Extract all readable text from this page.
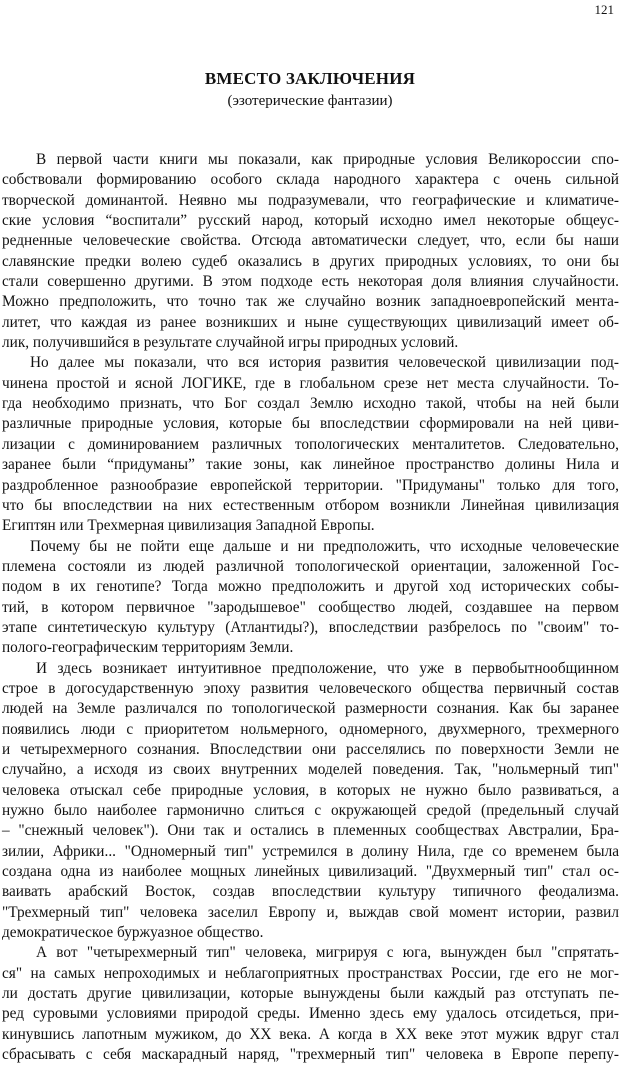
121
ВМЕСТО ЗАКЛЮЧЕНИЯ
(эзотерические фантазии)
В первой части книги мы показали, как природные условия Великороссии спо-
собствовали формированию особого склада народного характера с очень сильной
творческой доминантой. Неявно мы подразумевали, что географические и климатиче-
ские условия “воспитали” русский народ, который исходно имел некоторые общеус-
редненные человеческие свойства. Отсюда автоматически следует, что, если бы наши
славянские предки волею судеб оказались в других природных условиях, то они бы
стали совершенно другими. В этом подходе есть некоторая доля влияния случайности.
Можно предположить, что точно так же случайно возник западноевропейский мента-
литет, что каждая из ранее возникших и ныне существующих цивилизаций имеет об-
лик, получившийся в результате случайной игры природных условий.
Но далее мы показали, что вся история развития человеческой цивилизации под-
чинена простой и ясной ЛОГИКЕ, где в глобальном срезе нет места случайности. То-
гда необходимо признать, что Бог создал Землю исходно такой, чтобы на ней были
различные природные условия, которые бы впоследствии сформировали на ней циви-
лизации с доминированием различных топологических менталитетов. Следовательно,
заранее были “придуманы” такие зоны, как линейное пространство долины Нила и
раздробленное разнообразие европейской территории. "Придуманы" только для того,
что бы впоследствии на них естественным отбором возникли Линейная цивилизация
Египтян или Трехмерная цивилизация Западной Европы.
Почему бы не пойти еще дальше и ни предположить, что исходные человеческие
племена состояли из людей различной топологической ориентации, заложенной Гос-
подом в их генотипе? Тогда можно предположить и другой ход исторических собы-
тий, в котором первичное "зародышевое" сообщество людей, создавшее на первом
этапе синтетическую культуру (Атлантиды?), впоследствии разбрелось по "своим" то-
пологo-географическим территориям Земли.
И здесь возникает интуитивное предположение, что уже в первобытнообщинном
строе в догосударственную эпоху развития человеческого общества первичный состав
людей на Земле различался по топологической размерности сознания. Как бы заранее
появились люди с приоритетом нольмерного, одномерного, двухмерного, трехмерного
и четырехмерного сознания. Впоследствии они расселялись по поверхности Земли не
случайно, а исходя из своих внутренних моделей поведения. Так, "нольмерный тип"
человека отыскал себе природные условия, в которых не нужно было развиваться, а
нужно было наиболее гармонично слиться с окружающей средой (предельный случай
– "снежный человек"). Они так и остались в племенных сообществах Австралии, Бра-
зилии, Африки... "Одномерный тип" устремился в долину Нила, где со временем была
создана одна из наиболее мощных линейных цивилизаций. "Двухмерный тип" стал ос-
ваивать арабский Восток, создав впоследствии культуру типичного феодализма.
"Трехмерный тип" человека заселил Европу и, выждав свой момент истории, развил
демократическое буржуазное общество.
А вот "четырехмерный тип" человека, мигрируя с юга, вынужден был "спрятать-
ся" на самых непроходимых и неблагоприятных пространствах России, где его не мог-
ли достать другие цивилизации, которые вынуждены были каждый раз отступать пе-
ред суровыми условиями природой среды. Именно здесь ему удалось отсидеться, при-
кинувшись лапотным мужиком, до XX века. А когда в XX веке этот мужик вдруг стал
сбрасывать с себя маскарадный наряд, "трехмерный тип" человека в Европе перепу-
